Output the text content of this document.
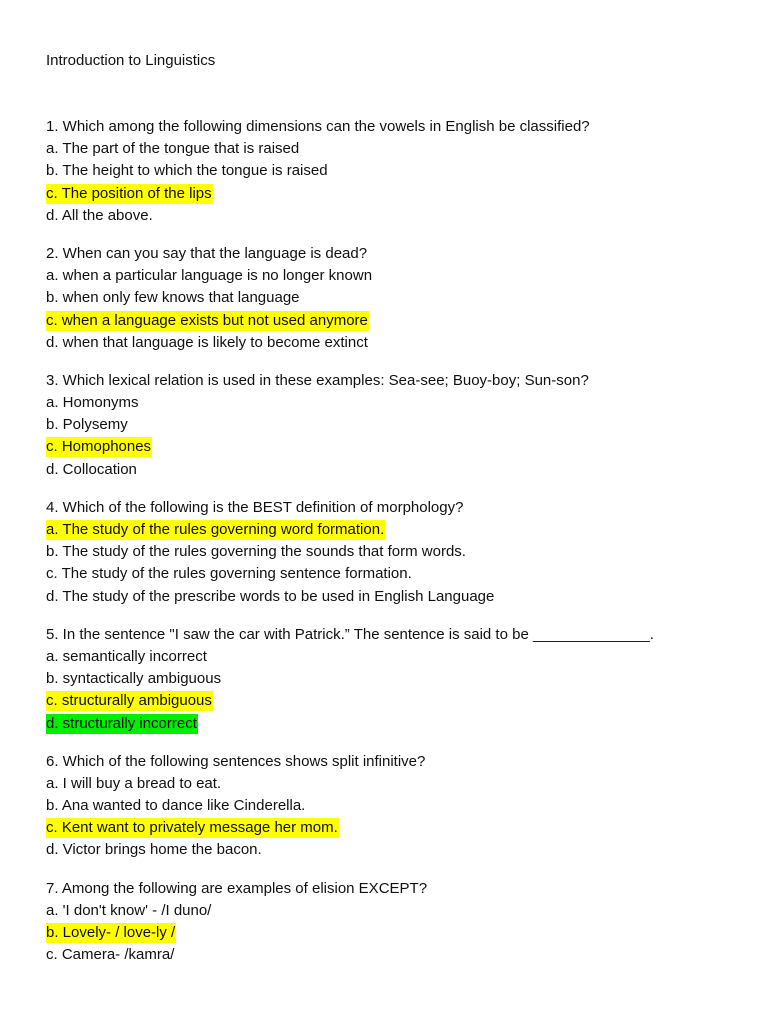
Introduction to Linguistics
1. Which among the following dimensions can the vowels in English be classified?
a. The part of the tongue that is raised
b. The height to which the tongue is raised
c. The position of the lips
d. All the above.
2. When can you say that the language is dead?
a. when a particular language is no longer known
b. when only few knows that language
c. when a language exists but not used anymore
d. when that language is likely to become extinct
3. Which lexical relation is used in these examples: Sea-see; Buoy-boy; Sun-son?
a. Homonyms
b. Polysemy
c. Homophones
d. Collocation
4. Which of the following is the BEST definition of morphology?
a. The study of the rules governing word formation.
b. The study of the rules governing the sounds that form words.
c. The study of the rules governing sentence formation.
d. The study of the prescribe words to be used in English Language
5. In the sentence "I saw the car with Patrick.” The sentence is said to be ______________.
a. semantically incorrect
b. syntactically ambiguous
c. structurally ambiguous
d. structurally incorrect
6. Which of the following sentences shows split infinitive?
a. I will buy a bread to eat.
b. Ana wanted to dance like Cinderella.
c. Kent want to privately message her mom.
d. Victor brings home the bacon.
7. Among the following are examples of elision EXCEPT?
a. 'I don't know' - /I duno/
b. Lovely- / love-ly /
c. Camera- /kamra/
